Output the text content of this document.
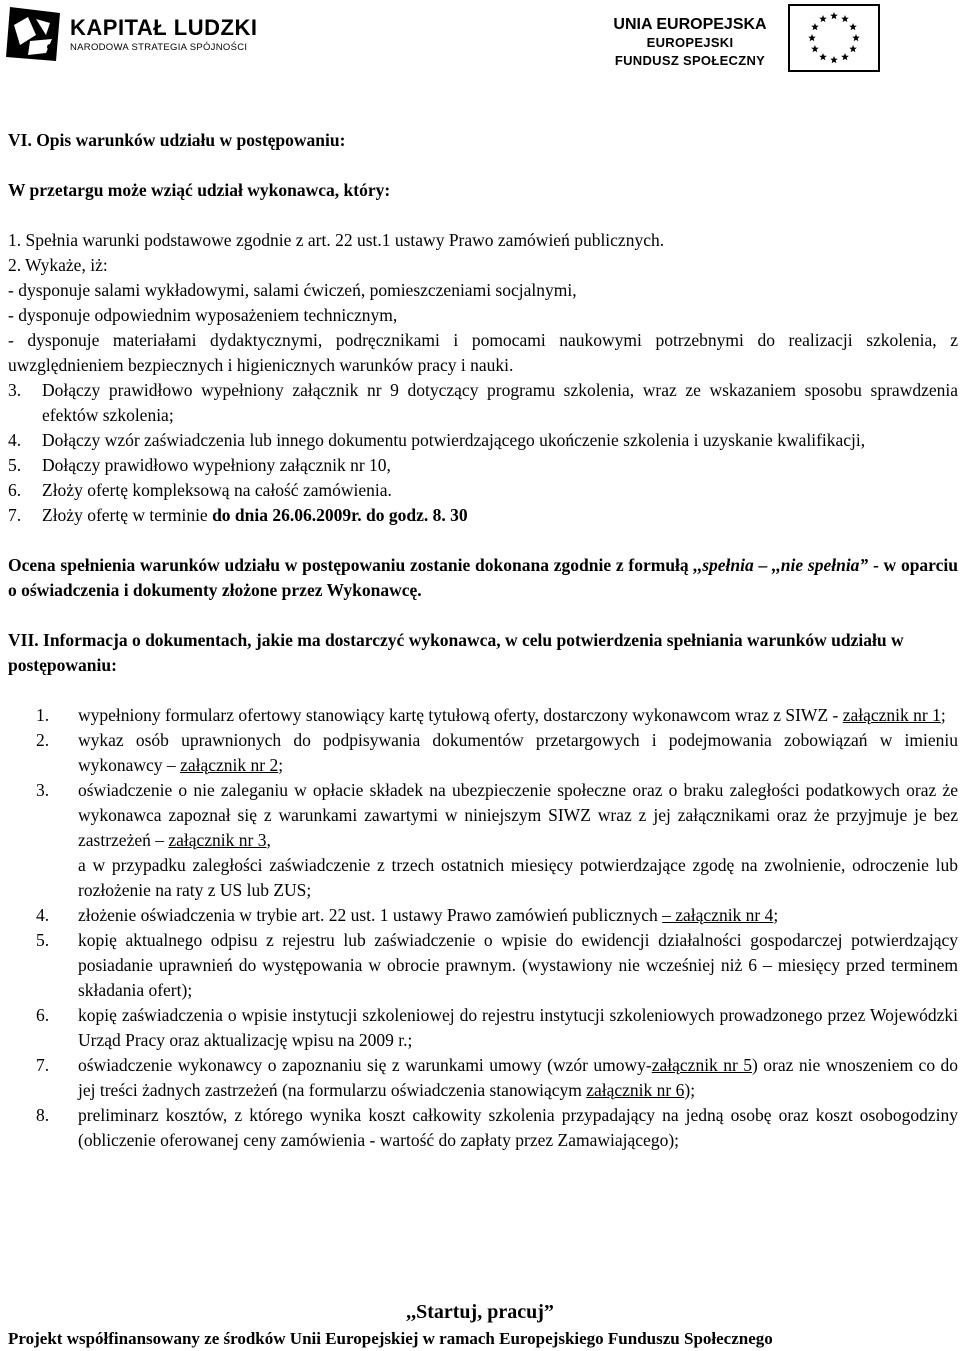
KAPITAŁ LUDZKI
NARODOWA STRATEGIA SPÓJNOŚCI
UNIA EUROPEJSKA
EUROPEJSKI
FUNDUSZ SPOŁECZNY

VI. Opis warunków udziału w postępowaniu:

W przetargu może wziąć udział wykonawca, który:

1. Spełnia warunki podstawowe zgodnie z art. 22 ust.1 ustawy Prawo zamówień publicznych.

2. Wykaże, iż:

- dysponuje salami wykładowymi, salami ćwiczeń, pomieszczeniami socjalnymi,

- dysponuje odpowiednim wyposażeniem technicznym,

- dysponuje materiałami dydaktycznymi, podręcznikami i pomocami naukowymi potrzebnymi do realizacji szkolenia, z uwzględnieniem bezpiecznych i higienicznych warunków pracy i nauki.

3.	Dołączy prawidłowo wypełniony załącznik nr 9 dotyczący programu szkolenia, wraz ze wskazaniem sposobu sprawdzenia efektów szkolenia;
4.	Dołączy wzór zaświadczenia lub innego dokumentu potwierdzającego ukończenie szkolenia i uzyskanie kwalifikacji,
5.	Dołączy prawidłowo wypełniony załącznik nr 10,
6.	Złoży ofertę kompleksową na całość zamówienia.
7.	Złoży ofertę w terminie do dnia 26.06.2009r. do godz. 8. 30

Ocena spełnienia warunków udziału w postępowaniu zostanie dokonana zgodnie z formułą ,,spełnia – ,,nie spełnia” - w oparciu o oświadczenia i dokumenty złożone przez Wykonawcę.

VII. Informacja o dokumentach, jakie ma dostarczyć wykonawca, w celu potwierdzenia spełniania warunków udziału w postępowaniu:

1.	wypełniony formularz ofertowy stanowiący kartę tytułową oferty, dostarczony wykonawcom wraz z SIWZ - załącznik nr 1;
2.	wykaz osób uprawnionych do podpisywania dokumentów przetargowych i podejmowania zobowiązań w imieniu wykonawcy – załącznik nr 2;
3.	oświadczenie o nie zaleganiu w opłacie składek na ubezpieczenie społeczne oraz o braku zaległości podatkowych oraz że wykonawca zapoznał się z warunkami zawartymi w niniejszym SIWZ wraz z jej załącznikami oraz że przyjmuje je bez zastrzeżeń – załącznik nr 3,
a w przypadku zaległości zaświadczenie z trzech ostatnich miesięcy potwierdzające zgodę na zwolnienie, odroczenie lub rozłożenie na raty z US lub ZUS;
4.	złożenie oświadczenia w trybie art. 22 ust. 1 ustawy Prawo zamówień publicznych – załącznik nr 4;
5.	kopię aktualnego odpisu z rejestru lub zaświadczenie o wpisie do ewidencji działalności gospodarczej potwierdzający posiadanie uprawnień do występowania w obrocie prawnym. (wystawiony nie wcześniej niż 6 – miesięcy przed terminem składania ofert);
6.	kopię zaświadczenia o wpisie instytucji szkoleniowej do rejestru instytucji szkoleniowych prowadzonego przez Wojewódzki Urząd Pracy oraz aktualizację wpisu na 2009 r.;
7.	oświadczenie wykonawcy o zapoznaniu się z warunkami umowy (wzór umowy-załącznik nr 5) oraz nie wnoszeniem co do jej treści żadnych zastrzeżeń (na formularzu oświadczenia stanowiącym załącznik nr 6);
8.	preliminarz kosztów, z którego wynika koszt całkowity szkolenia przypadający na jedną osobę oraz koszt osobogodziny (obliczenie oferowanej ceny zamówienia - wartość do zapłaty przez Zamawiającego);
,,Startuj, pracuj”
Projekt współfinansowany ze środków Unii Europejskiej w ramach Europejskiego Funduszu Społecznego
